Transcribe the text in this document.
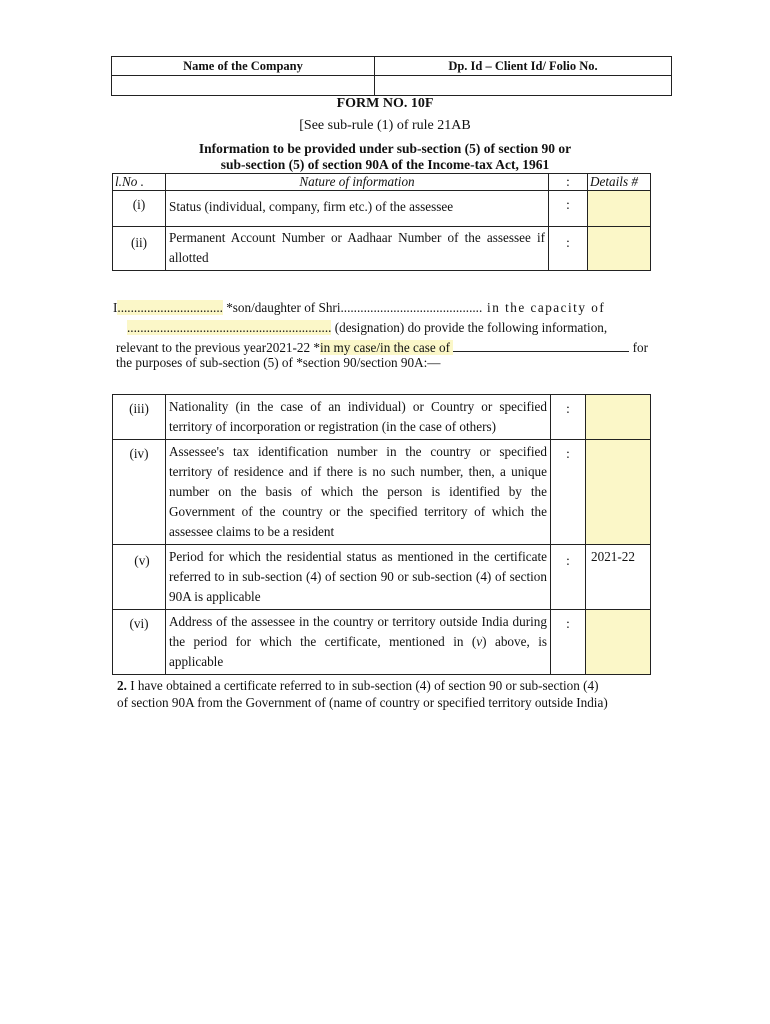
Name of the Company	Dp. Id – Client Id/ Folio No.

FORM NO. 10F
[See sub-rule (1) of rule 21AB
Information to be provided under sub-section (5) of section 90 or
sub-section (5) of section 90A of the Income-tax Act, 1961
l.No .	Nature of information	:	Details #
(i)	Status (individual, company, firm etc.) of the assessee	:	
(ii)	Permanent Account Number or Aadhaar Number of the assessee if allotted	:	
I................................ *son/daughter of Shri........................................... in the capacity of
.............................................................. (designation) do provide the following information,
relevant to the previous year2021-22 *in my case/in the case of	for
the purposes of sub-section (5) of *section 90/section 90A:—
(iii)	Nationality (in the case of an individual) or Country or specified territory of incorporation or registration (in the case of others)	:	
(iv)	Assessee's tax identification number in the country or specified territory of residence and if there is no such number, then, a unique number on the basis of which the person is identified by the Government of the country or the specified territory of which the assessee claims to be a resident	:	
(v)	Period for which the residential status as mentioned in the certificate referred to in sub-section (4) of section 90 or sub-section (4) of section 90A is applicable	:	2021-22
(vi)	Address of the assessee in the country or territory outside India during the period for which the certificate, mentioned in (v) above, is applicable	:	
2. I have obtained a certificate referred to in sub-section (4) of section 90 or sub-section (4)
of section 90A from the Government of (name of country or specified territory outside India)
